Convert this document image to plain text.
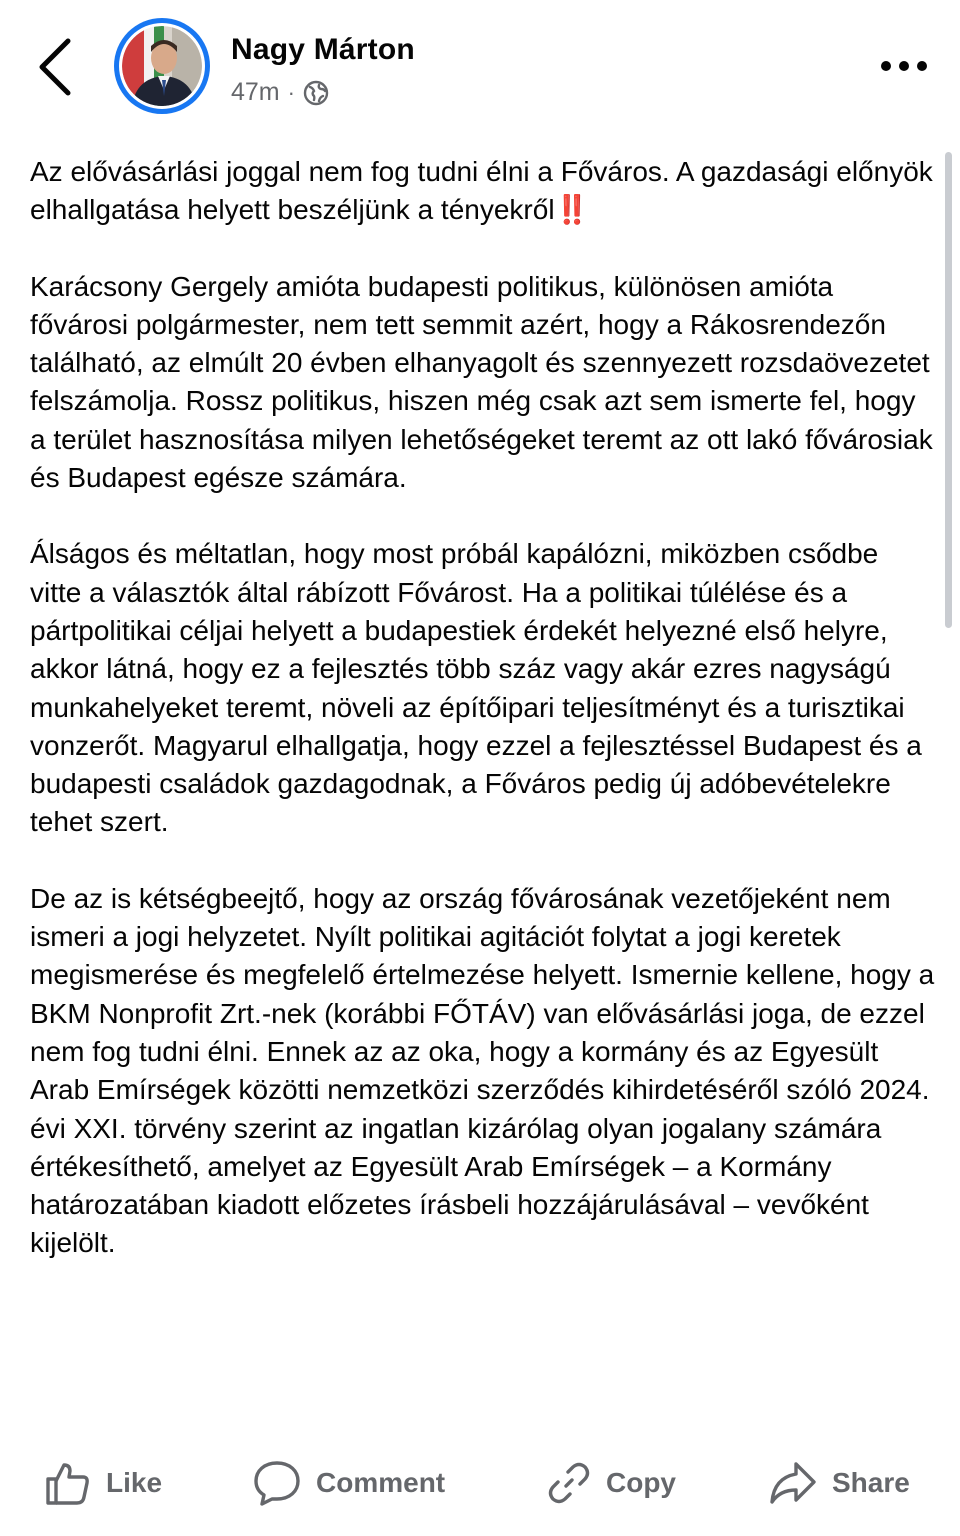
Nagy Márton
47m ·

Az elővásárlási joggal nem fog tudni élni a Főváros. A gazdasági előnyök elhallgatása helyett beszéljünk a tényekről‼️

Karácsony Gergely amióta budapesti politikus, különösen amióta fővárosi polgármester, nem tett semmit azért, hogy a Rákosrendezőn található, az elmúlt 20 évben elhanyagolt és szennyezett rozsdaövezetet felszámolja. Rossz politikus, hiszen még csak azt sem ismerte fel, hogy a terület hasznosítása milyen lehetőségeket teremt az ott lakó fővárosiak és Budapest egésze számára.

Álságos és méltatlan, hogy most próbál kapálózni, miközben csődbe vitte a választók által rábízott Fővárost. Ha a politikai túlélése és a pártpolitikai céljai helyett a budapestiek érdekét helyezné első helyre, akkor látná, hogy ez a fejlesztés több száz vagy akár ezres nagyságú munkahelyeket teremt, növeli az építőipari teljesítményt és a turisztikai vonzerőt. Magyarul elhallgatja, hogy ezzel a fejlesztéssel Budapest és a budapesti családok gazdagodnak, a Főváros pedig új adóbevételekre tehet szert.

De az is kétségbeejtő, hogy az ország fővárosának vezetőjeként nem ismeri a jogi helyzetet. Nyílt politikai agitációt folytat a jogi keretek megismerése és megfelelő értelmezése helyett. Ismernie kellene, hogy a BKM Nonprofit Zrt.-nek (korábbi FŐTÁV) van elővásárlási joga, de ezzel nem fog tudni élni. Ennek az az oka, hogy a kormány és az Egyesült Arab Emírségek közötti nemzetközi szerződés kihirdetéséről szóló 2024. évi XXI. törvény szerint az ingatlan kizárólag olyan jogalany számára értékesíthető, amelyet az Egyesült Arab Emírségek – a Kormány határozatában kiadott előzetes írásbeli hozzájárulásával – vevőként kijelölt.

Like	Comment	Copy	Share
